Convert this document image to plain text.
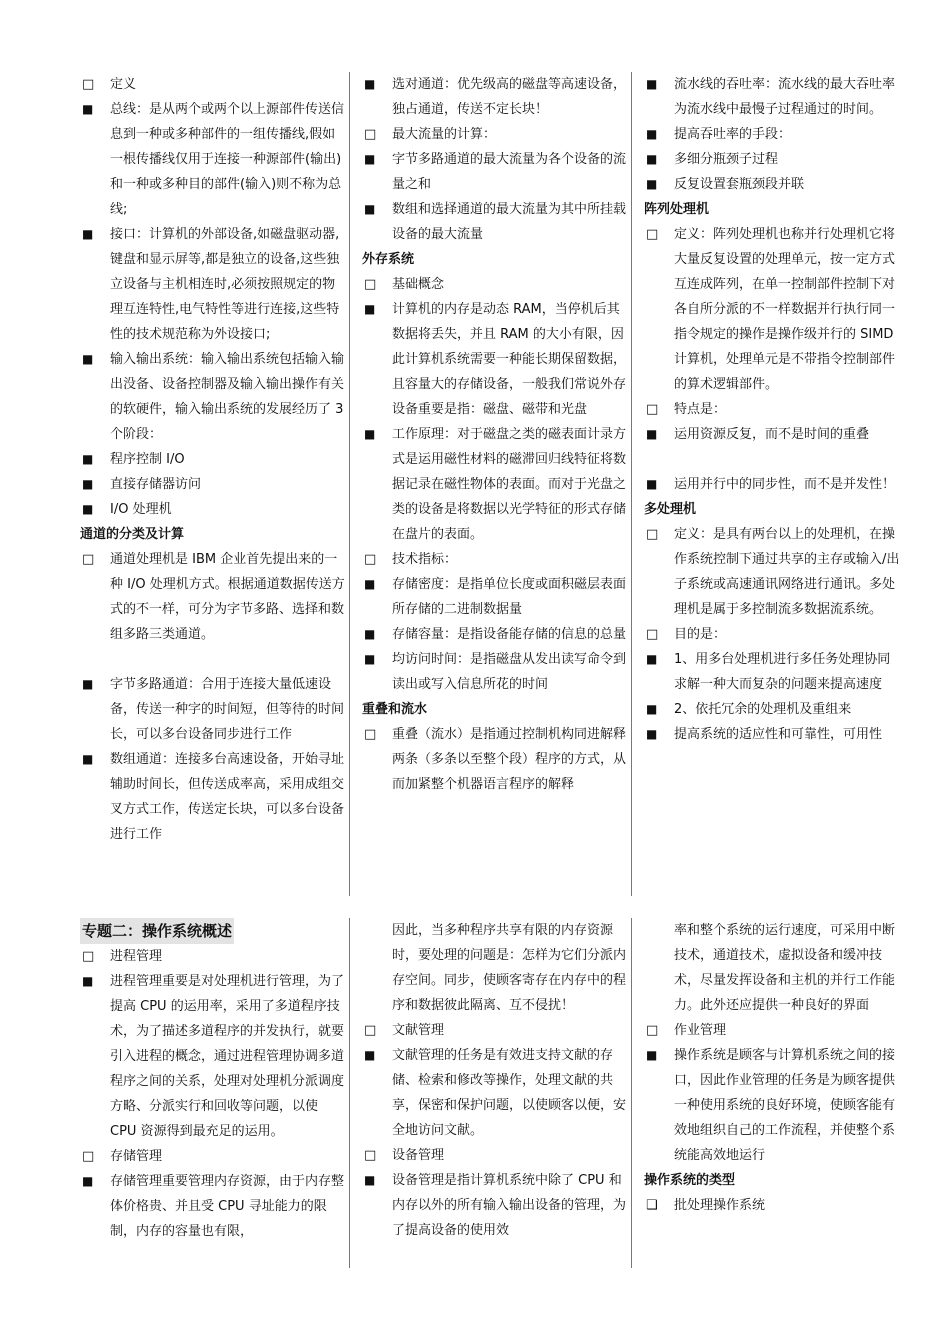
□ 定义
■ 总线：是从两个或两个以上源部件传送信息到一种或多种部件的一组传播线,假如一根传播线仅用于连接一种源部件(输出)和一种或多种目的部件(输入)则不称为总线;
■ 接口：计算机的外部设备,如磁盘驱动器,键盘和显示屏等,都是独立的设备,这些独立设备与主机相连时,必须按照规定的物理互连特性,电气特性等进行连接,这些特性的技术规范称为外设接口;
■ 输入输出系统：输入输出系统包括输入输出没备、设备控制器及输入输出操作有关的软硬件，输入输出系统的发展经历了 3 个阶段：
■ 程序控制 I/O
■ 直接存储器访问
■ I/O 处理机
通道的分类及计算
□ 通道处理机是 IBM 企业首先提出来的一种 I/O 处理机方式。根据通道数据传送方式的不一样，可分为字节多路、选择和数组多路三类通道。
■ 字节多路通道：合用于连接大量低速设备，传送一种字的时间短，但等待的时间长，可以多台设备同步进行工作
■ 数组通道：连接多台高速设备，开始寻址辅助时间长，但传送成率高，采用成组交叉方式工作，传送定长块，可以多台设备进行工作
■ 选对通道：优先级高的磁盘等高速设备，独占通道，传送不定长块！
□ 最大流量的计算：
■ 字节多路通道的最大流量为各个设备的流量之和
■ 数组和选择通道的最大流量为其中所挂载设备的最大流量
外存系统
□ 基础概念
■ 计算机的内存是动态 RAM，当停机后其数据将丢失，并且 RAM 的大小有限，因此计算机系统需要一种能长期保留数据，且容量大的存储设备，一般我们常说外存设备重要是指：磁盘、磁带和光盘
■ 工作原理：对于磁盘之类的磁表面计录方式是运用磁性材料的磁滞回归线特征将数据记录在磁性物体的表面。而对于光盘之类的设备是将数据以光学特征的形式存储在盘片的表面。
□ 技术指标：
■ 存储密度：是指单位长度或面积磁层表面所存储的二进制数据量
■ 存储容量：是指设备能存储的信息的总量
■ 均访问时间：是指磁盘从发出读写命令到读出或写入信息所花的时间
重叠和流水
□ 重叠（流水）是指通过控制机构同进解释两条（多条以至整个段）程序的方式，从而加紧整个机器语言程序的解释
■ 流水线的吞吐率：流水线的最大吞吐率为流水线中最慢子过程通过的时间。
■ 提高吞吐率的手段：
■ 多细分瓶颈子过程
■ 反复设置套瓶颈段并联
阵列处理机
□ 定义：阵列处理机也称并行处理机它将大量反复设置的处理单元，按一定方式互连成阵列，在单一控制部件控制下对各自所分派的不一样数据并行执行同一指令规定的操作是操作级并行的 SIMD 计算机，处理单元是不带指令控制部件的算术逻辑部件。
□ 特点是：
■ 运用资源反复，而不是时间的重叠
■ 运用并行中的同步性，而不是并发性！
多处理机
□ 定义：是具有两台以上的处理机，在操作系统控制下通过共享的主存或输入/出子系统或高速通讯网络进行通讯。多处理机是属于多控制流多数据流系统。
□ 目的是：
■ 1、用多台处理机进行多任务处理协同求解一种大而复杂的问题来提高速度
■ 2、依托冗余的处理机及重组来
■ 提高系统的适应性和可靠性，可用性
专题二：操作系统概述
□ 进程管理
■ 进程管理重要是对处理机进行管理，为了提高 CPU 的运用率，采用了多道程序技术，为了描述多道程序的并发执行，就要引入进程的概念，通过进程管理协调多道程序之间的关系，处理对处理机分派调度方略、分派实行和回收等问题，以使 CPU 资源得到最充足的运用。
□ 存储管理
■ 存储管理重要管理内存资源，由于内存整体价格贵、并且受 CPU 寻址能力的限制，内存的容量也有限，
因此，当多种程序共享有限的内存资源时，要处理的问题是：怎样为它们分派内存空间。同步，使顾客寄存在内存中的程序和数据彼此隔离、互不侵扰！
□ 文献管理
■ 文献管理的任务是有效进支持文献的存储、检索和修改等操作，处理文献的共享，保密和保护问题，以使顾客以便，安全地访问文献。
□ 设备管理
■ 设备管理是指计算机系统中除了 CPU 和内存以外的所有输入输出设备的管理，为了提高设备的使用效
率和整个系统的运行速度，可采用中断技术，通道技术，虚拟设备和缓冲技术，尽量发挥设备和主机的并行工作能力。此外还应提供一种良好的界面
□ 作业管理
■ 操作系统是顾客与计算机系统之间的接口，因此作业管理的任务是为顾客提供一种使用系统的良好环境，使顾客能有效地组织自己的工作流程，并使整个系统能高效地运行
操作系统的类型
❑ 批处理操作系统
